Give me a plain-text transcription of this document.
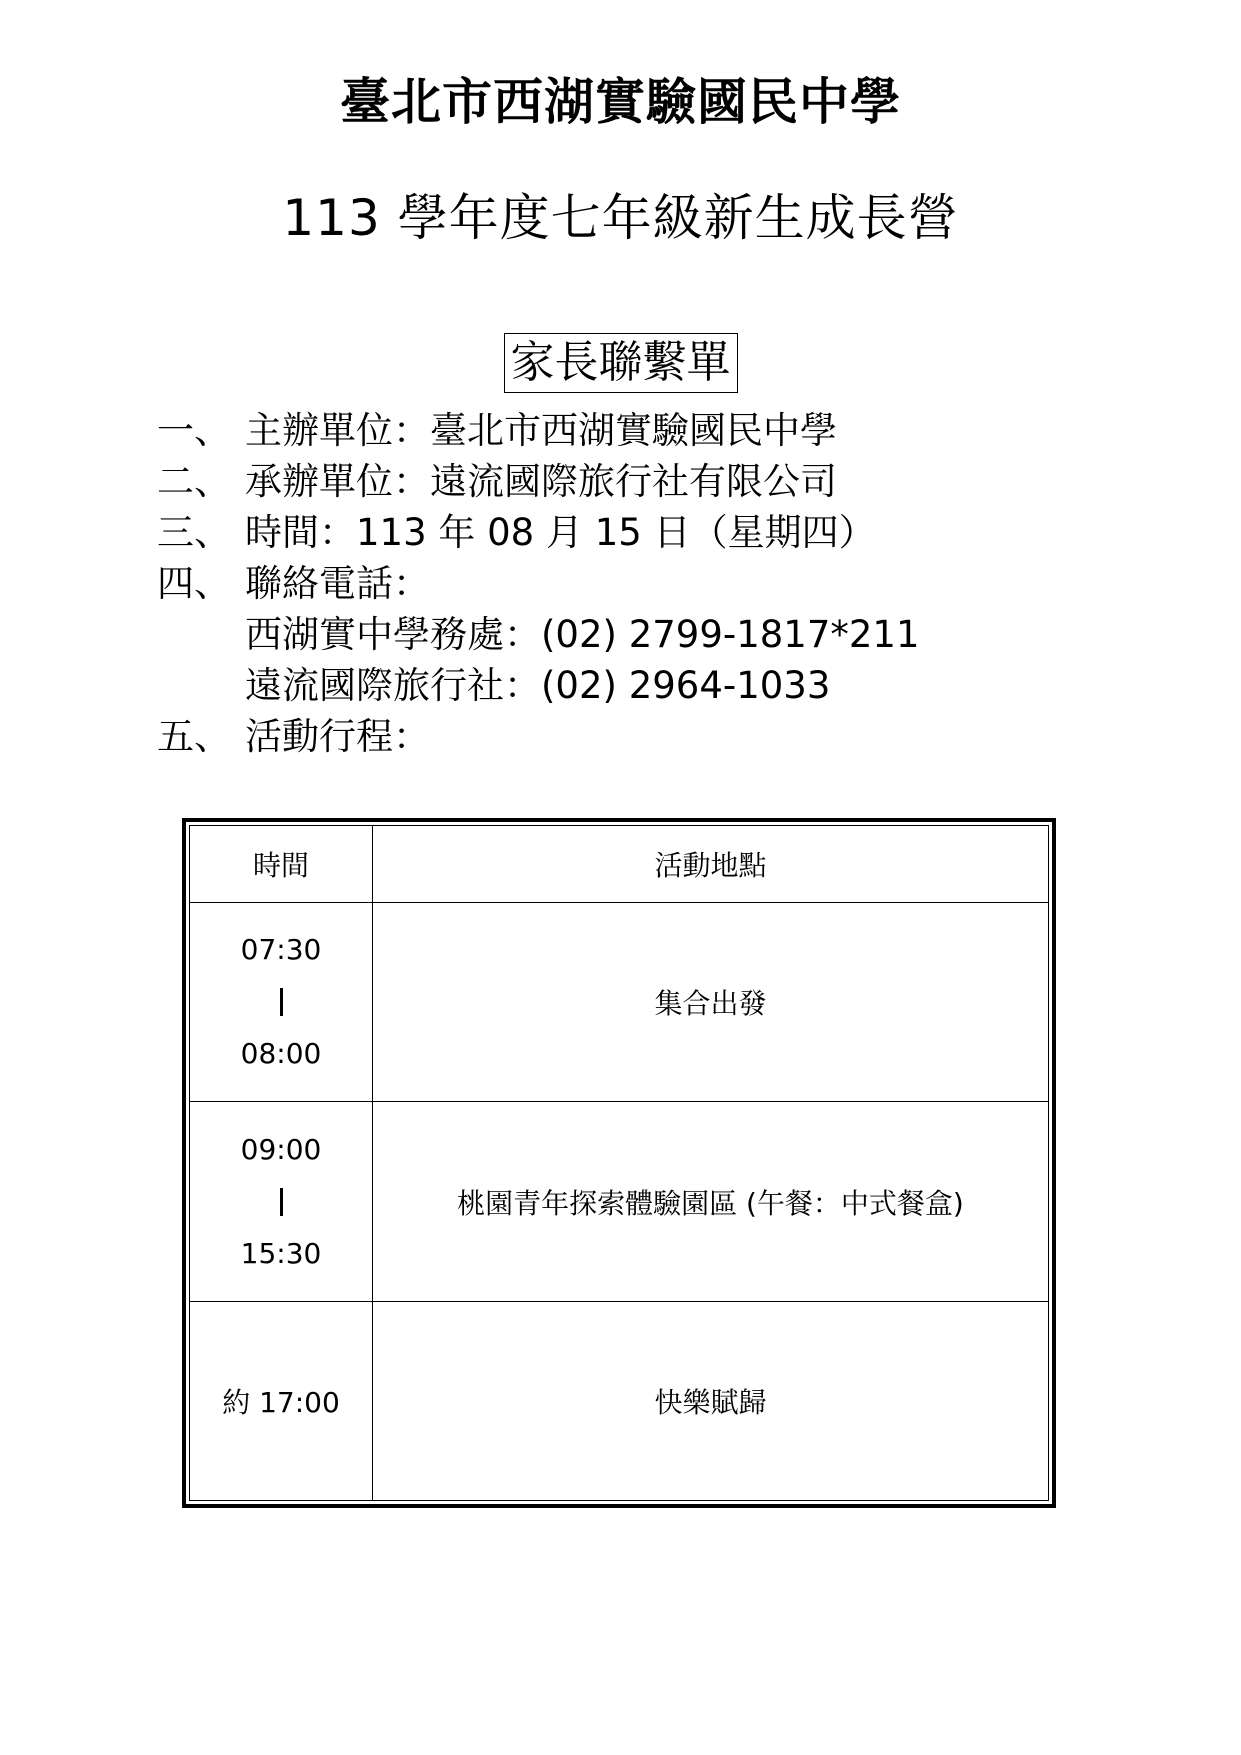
臺北市西湖實驗國民中學
113 學年度七年級新生成長營
家長聯繫單
一、 主辦單位：臺北市西湖實驗國民中學
二、 承辦單位：遠流國際旅行社有限公司
三、 時間：113 年 08 月 15 日（星期四）
四、 聯絡電話：
西湖實中學務處：(02) 2799-1817*211
遠流國際旅行社：(02) 2964-1033
五、 活動行程：
時間	活動地點

07:30
08:00	集合出發

09:00
15:30	桃園青年探索體驗園區 (午餐：中式餐盒)
約 17:00	快樂賦歸
